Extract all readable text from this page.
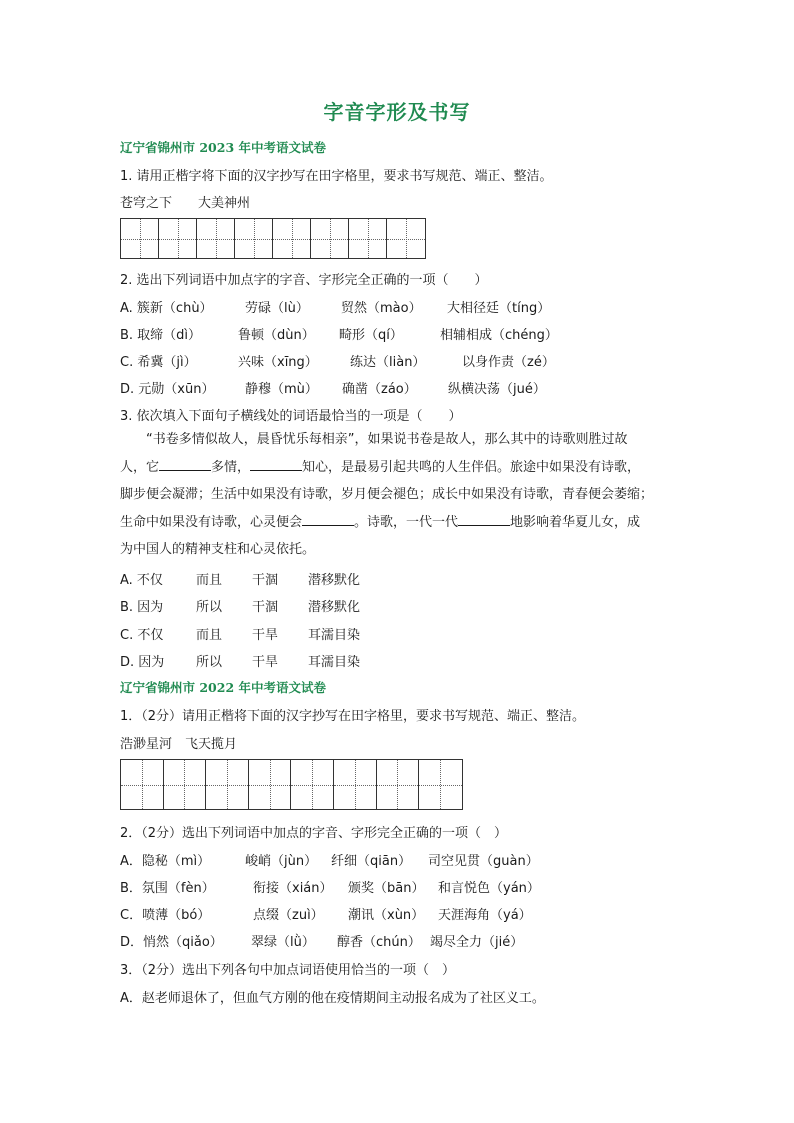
字音字形及书写
辽宁省锦州市 2023 年中考语文试卷
1. 请用正楷字将下面的汉字抄写在田字格里，要求书写规范、端正、整洁。
苍穹之下　　大美神州
2. 选出下列词语中加点字的字音、字形完全正确的一项（　　）
A. 簇新（chù） 劳碌（lù） 贸然（mào） 大相径廷（tíng）
B. 取缔（dì）	鲁顿（dùn） 畸形（qí）	相辅相成（chéng）
C. 希冀（jì）	兴味（xīng） 练达（liàn）	以身作责（zé）
D. 元勋（xūn） 静穆（mù） 确凿（záo） 纵横决荡（jué）
3. 依次填入下面句子横线处的词语最恰当的一项是（　　）
“书卷多情似故人，晨昏忧乐每相亲”，如果说书卷是故人，那么其中的诗歌则胜过故
人，它	多情，	知心，是最易引起共鸣的人生伴侣。旅途中如果没有诗歌，
脚步便会凝滞；生活中如果没有诗歌，岁月便会褪色；成长中如果没有诗歌，青春便会萎缩；
生命中如果没有诗歌，心灵便会	。诗歌，一代一代	地影响着华夏儿女，成
为中国人的精神支柱和心灵依托。
A. 不仅	而且 干涸 潜移默化
B. 因为	所以 干涸 潜移默化
C. 不仅	而且 干旱 耳濡目染
D. 因为 所以 干旱 耳濡目染
辽宁省锦州市 2022 年中考语文试卷
1．（2分）请用正楷将下面的汉字抄写在田字格里，要求书写规范、端正、整洁。
浩渺星河　飞天揽月
2．（2分）选出下列词语中加点的字音、字形完全正确的一项（　）
A．隐秘（mì）	峻峭（jùn） 纤细（qiān） 司空见贯（guàn）
B．氛围（fèn）	衔接（xián） 颁奖（bān） 和言悦色（yán）
C．喷薄（bó）	点缀（zuì） 潮讯（xùn） 天涯海角（yá）
D．悄然（qiǎo） 翠绿（lǜ） 醇香（chún） 竭尽全力（jié）
3．（2分）选出下列各句中加点词语使用恰当的一项（　）
A．赵老师退休了，但血气方刚的他在疫情期间主动报名成为了社区义工。
